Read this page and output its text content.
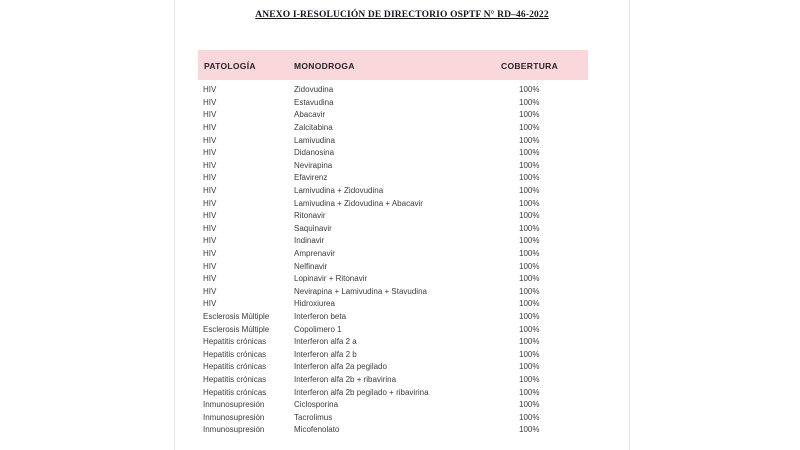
ANEXO I-RESOLUCIÓN DE DIRECTORIO OSPTF N° RD–46-2022
PATOLOGÍA	MONODROGA	COBERTURA
HIV	Zidovudina	100%
HIV	Estavudina	100%
HIV	Abacavir	100%
HIV	Zalcitabina	100%
HIV	Lamivudina	100%
HIV	Didanosina	100%
HIV	Nevirapina	100%
HIV	Efavirenz	100%
HIV	Lamivudina + Zidovudina	100%
HIV	Lamivudina + Zidovudina + Abacavir	100%
HIV	Ritonavir	100%
HIV	Saquinavir	100%
HIV	Indinavir	100%
HIV	Amprenavir	100%
HIV	Nelfinavir	100%
HIV	Lopinavir + Ritonavir	100%
HIV	Nevirapina + Lamivudina + Stavudina	100%
HIV	Hidroxiurea	100%
Esclerosis Múltiple	Interferon beta	100%
Esclerosis Múltiple	Copolimero 1	100%
Hepatitis crónicas	Interferon alfa 2 a	100%
Hepatitis crónicas	Interferon alfa 2 b	100%
Hepatitis crónicas	Interferon alfa 2a pegilado	100%
Hepatitis crónicas	Interferon alfa 2b + ribavirina	100%
Hepatitis crónicas	Interferon alfa 2b pegilado + ribavirina	100%
Inmunosupresión	Ciclosporina	100%
Inmunosupresión	Tacrolimus	100%
Inmunosupresión	Micofenolato	100%
